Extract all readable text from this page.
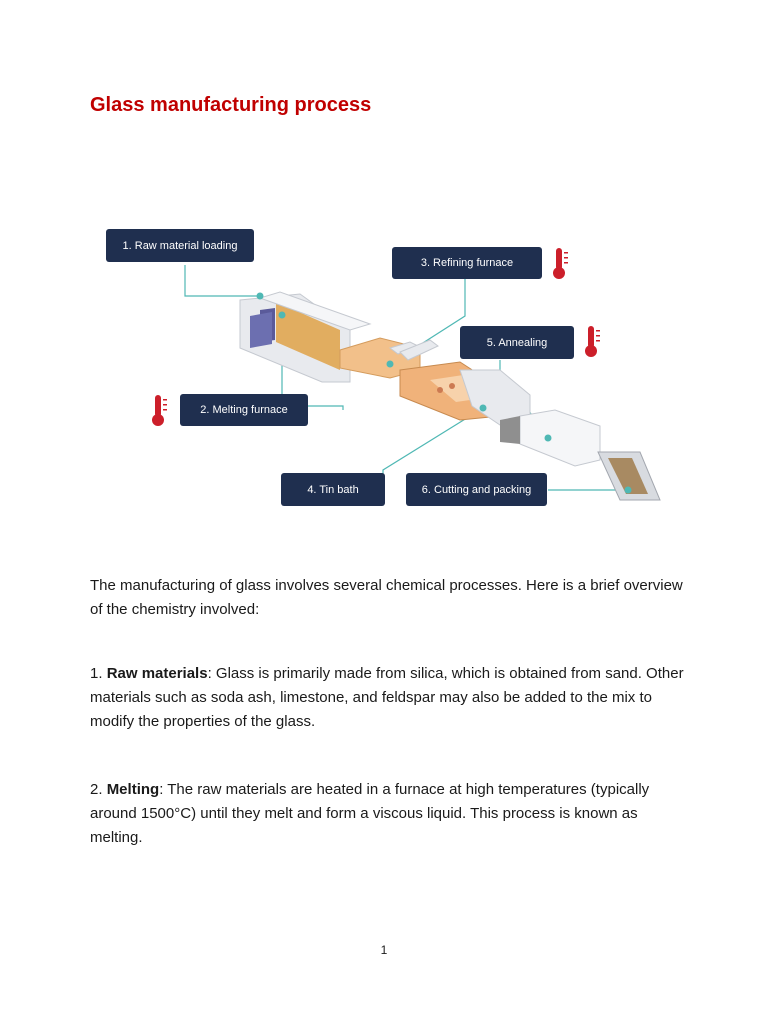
Glass manufacturing process
1. Raw material loading
3. Refining furnace
5. Annealing
2. Melting furnace
4. Tin bath	6. Cutting and packing

The manufacturing of glass involves several chemical processes. Here is a brief overview of the chemistry involved:

1. Raw materials: Glass is primarily made from silica, which is obtained from sand. Other materials such as soda ash, limestone, and feldspar may also be added to the mix to modify the properties of the glass.

2. Melting: The raw materials are heated in a furnace at high temperatures (typically around 1500°C) until they melt and form a viscous liquid. This process is known as melting.

1
